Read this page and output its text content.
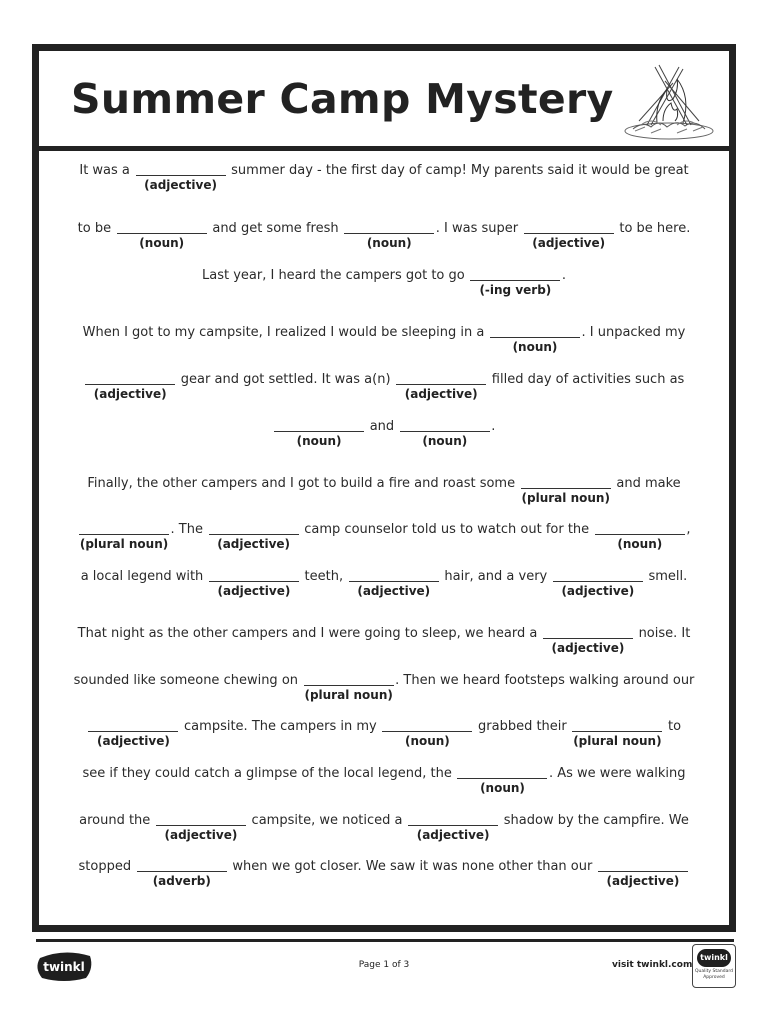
Summer Camp Mystery
It was a
(adjective)
summer day - the first day of camp! My parents said it would be great
to be
(noun)
and get some fresh
(noun)
. I was super
(adjective)
to be here.
Last year, I heard the campers got to go
(-ing verb)
.
When I got to my campsite, I realized I would be sleeping in a
(noun)
. I unpacked my
(adjective)
gear and got settled. It was a(n)
(adjective)
filled day of activities such as
(noun)
and
(noun)
.
Finally, the other campers and I got to build a fire and roast some
(plural noun)
and make
(plural noun)
. The
(adjective)
camp counselor told us to watch out for the
(noun)
,
a local legend with
(adjective)
teeth,
(adjective)
hair, and a very
(adjective)
smell.
That night as the other campers and I were going to sleep, we heard a
(adjective)
noise. It
sounded like someone chewing on
(plural noun)
. Then we heard footsteps walking around our
(adjective)
campsite. The campers in my
(noun)
grabbed their
(plural noun)
to
see if they could catch a glimpse of the local legend, the
(noun)
. As we were walking
around the
(adjective)
campsite, we noticed a
(adjective)
shadow by the campfire. We
stopped
(adverb)
when we got closer. We saw it was none other than our
(adjective)
twinkl	Page 1 of 3	visit twinkl.com
twinkl
Quality Standard Approved
